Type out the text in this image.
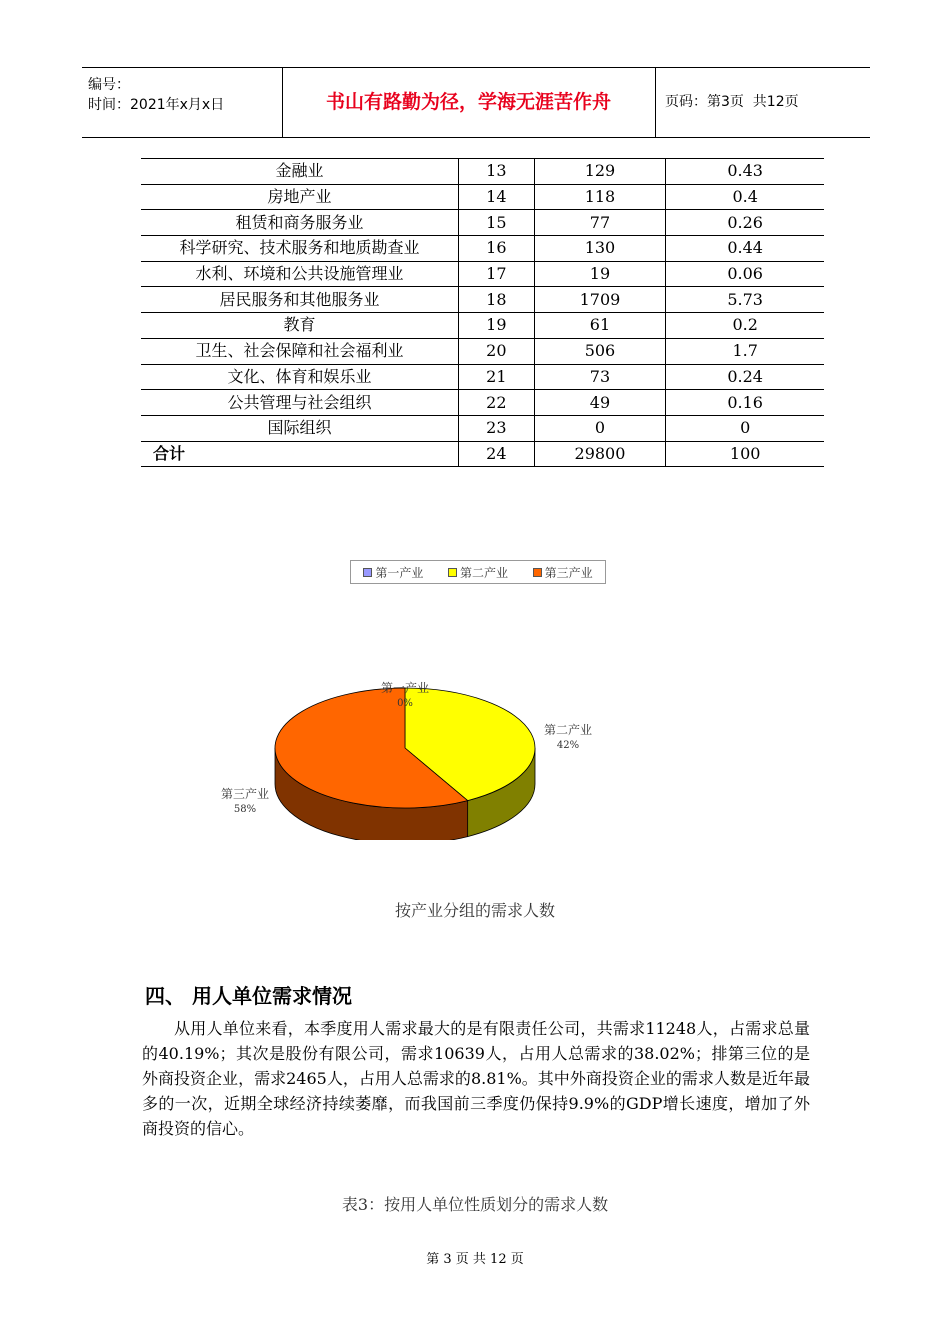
编号：
时间：2021年x月x日	书山有路勤为径，学海无涯苦作舟	页码：第3页  共12页
金融业	13	129	0.43
房地产业	14	118	0.4
租赁和商务服务业	15	77	0.26
科学研究、技术服务和地质勘查业	16	130	0.44
水利、环境和公共设施管理业	17	19	0.06
居民服务和其他服务业	18	1709	5.73
教育	19	61	0.2
卫生、社会保障和社会福利业	20	506	1.7
文化、体育和娱乐业	21	73	0.24
公共管理与社会组织	22	49	0.16
国际组织	23	0	0
合计	24	29800	100
第一产业	第二产业	第三产业
第一产业
0%
第二产业
42%
第三产业
58%
按产业分组的需求人数
四、 用人单位需求情况

从用人单位来看，本季度用人需求最大的是有限责任公司，共需求11248人，占需求总量的40.19%；其次是股份有限公司，需求10639人，占用人总需求的38.02%；排第三位的是外商投资企业，需求2465人，占用人总需求的8.81%。其中外商投资企业的需求人数是近年最多的一次，近期全球经济持续萎靡，而我国前三季度仍保持9.9%的GDP增长速度，增加了外商投资的信心。

表3：按用人单位性质划分的需求人数
第 3 页 共 12 页
